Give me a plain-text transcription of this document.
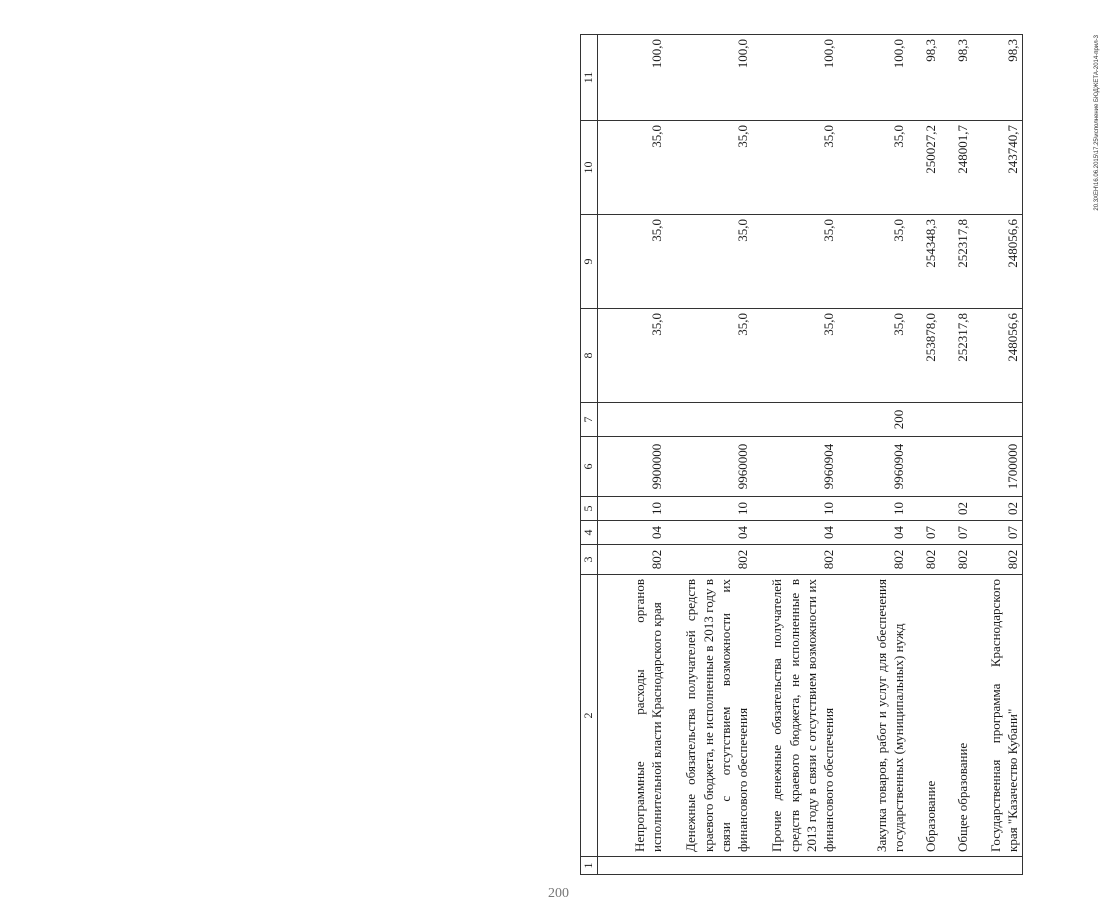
1	2	3	4	5	6	7	8	9	10	11
	Непрограммные расходы органов исполнительной власти Краснодарского края	802	04	10	9900000		35,0	35,0	35,0	100,0
	Денежные обязательства получателей средств краевого бюджета, не исполненные в 2013 году в связи с отсутствием возможности их финансового обеспечения	802	04	10	9960000		35,0	35,0	35,0	100,0
	Прочие денежные обязательства получателей средств краевого бюджета, не исполненные в 2013 году в связи с отсутствием возможности их финансового обеспечения	802	04	10	9960904		35,0	35,0	35,0	100,0
	Закупка товаров, работ и услуг для обеспечения государственных (муниципальных) нужд	802	04	10	9960904	200	35,0	35,0	35,0	100,0
	Образование	802	07				253878,0	254348,3	250027,2	98,3
	Общее образование	802	07	02			252317,8	252317,8	248001,7	98,3
	Государственная программа Краснодарского края "Казачество Кубани"	802	07	02	1700000		248056,6	248056,6	243740,7	98,3	20.3ХЕН\16.06.2015\17.25\исполнение БЮДЖЕТА-2014-прил-3
200
